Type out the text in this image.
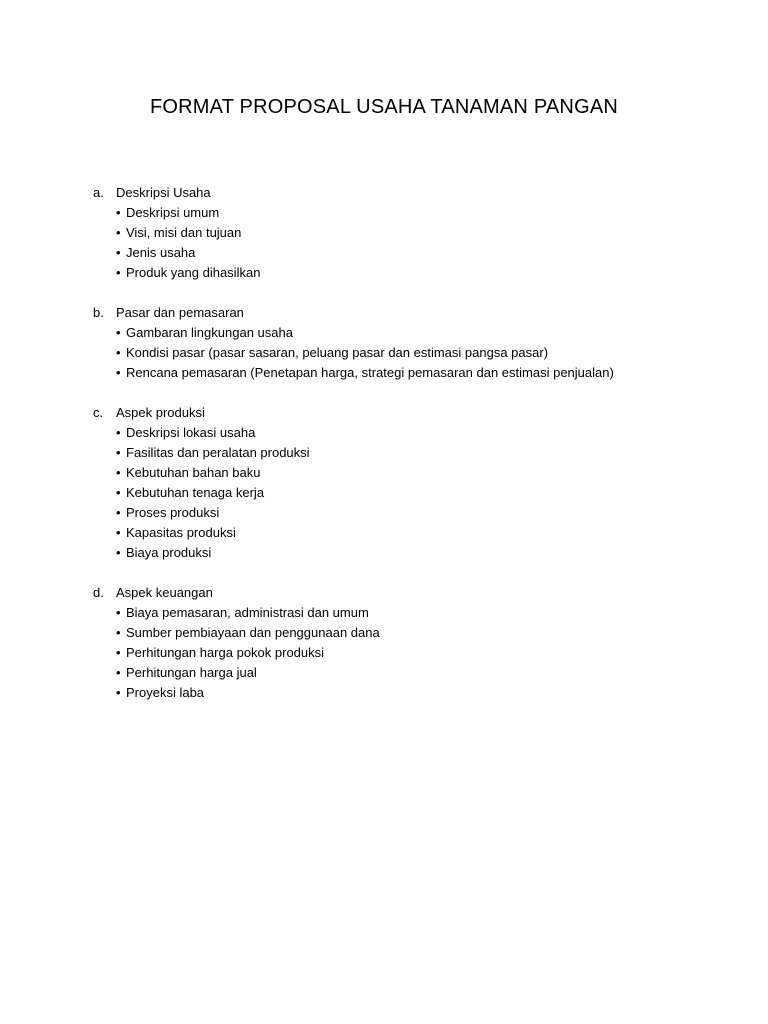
FORMAT PROPOSAL USAHA TANAMAN PANGAN
a. Deskripsi Usaha
• Deskripsi umum
• Visi, misi dan tujuan
• Jenis usaha
• Produk yang dihasilkan
b. Pasar dan pemasaran
• Gambaran lingkungan usaha
• Kondisi pasar (pasar sasaran, peluang pasar dan estimasi pangsa pasar)
• Rencana pemasaran (Penetapan harga, strategi pemasaran dan estimasi penjualan)
c. Aspek produksi
• Deskripsi lokasi usaha
• Fasilitas dan peralatan produksi
• Kebutuhan bahan baku
• Kebutuhan tenaga kerja
• Proses produksi
• Kapasitas produksi
• Biaya produksi
d. Aspek keuangan
• Biaya pemasaran, administrasi dan umum
• Sumber pembiayaan dan penggunaan dana
• Perhitungan harga pokok produksi
• Perhitungan harga jual
• Proyeksi laba
